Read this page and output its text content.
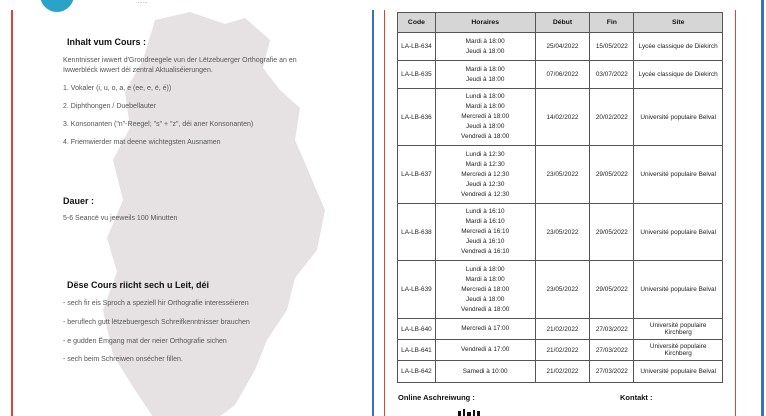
·······
Inhalt vum Cours :
Kenntnisser iwwert d'Grondreegele vun der Lëtzebuerger Orthografie an en
Iwwerbléck iwwert déi zentral Aktualiséierungen.
1. Vokaler (i, u, o, a, e (ee, e, ë, é))
2. Diphthongen / Duebellauter
3. Konsonanten ("n"-Reegel; "s" + "z", déi aner Konsonanten)
4. Friemwierder mat deene wichtegsten Ausnamen
Dauer :
5-6 Seancë vu jeeweils 100 Minutten
Dëse Cours riicht sech u Leit, déi
- sech fir eis Sproch a speziell hir Orthografie interesséieren
- beruflech gutt lëtzebuergesch Schreifkenntnisser brauchen
- e gudden Ëmgang mat der neier Orthografie sichen
- sech beim Schreiwen onsécher fillen.
Code	Horaires	Début	Fin	Site
LA-LB-634	Mardi à 18:00
Jeudi à 18:00	25/04/2022	15/05/2022	Lycée classique de Diekirch
LA-LB-635	Mardi à 18:00
Jeudi à 18:00	07/06/2022	03/07/2022	Lycée classique de Diekirch
LA-LB-636	Lundi à 18:00
Mardi à 18:00
Mercredi à 18:00
Jeudi à 18:00
Vendredi à 18:00	14/02/2022	20/02/2022	Université populaire Belval
LA-LB-637	Lundi à 12:30
Mardi à 12:30
Mercredi à 12:30
Jeudi à 12:30
Vendredi à 12:30	23/05/2022	29/05/2022	Université populaire Belval
LA-LB-638	Lundi à 16:10
Mardi à 16:10
Mercredi à 16:10
Jeudi à 16:10
Vendredi à 16:10	23/05/2022	29/05/2022	Université populaire Belval
LA-LB-639	Lundi à 18:00
Mardi à 18:00
Mercredi à 18:00
Jeudi à 18:00
Vendredi à 18:00	23/05/2022	29/05/2022	Université populaire Belval
LA-LB-640	Mercredi à 17:00	21/02/2022	27/03/2022	Université populaire Kirchberg
LA-LB-641	Vendredi à 17:00	21/02/2022	27/03/2022	Université populaire Kirchberg
LA-LB-642	Samedi à 10:00	21/02/2022	27/03/2022	Université populaire Belval
Online Aschreiwung :	Kontakt :
